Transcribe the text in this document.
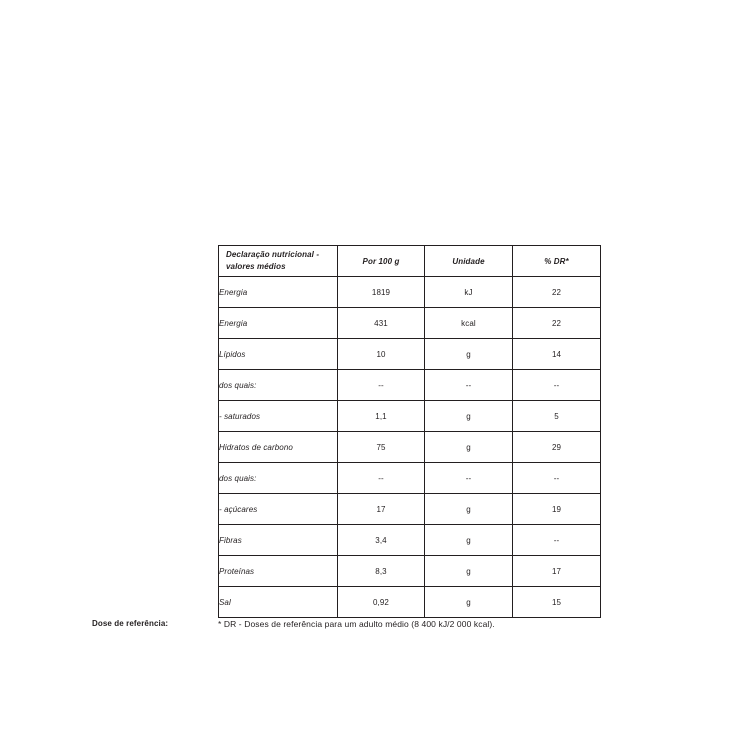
Declaração nutricional - valores médios	Por 100 g	Unidade	% DR*
Energia	1819	kJ	22
Energia	431	kcal	22
Lípidos	10	g	14
dos quais:	--	--	--
- saturados	1,1	g	5
Hidratos de carbono	75	g	29
dos quais:	--	--	--
- açúcares	17	g	19
Fibras	3,4	g	--
Proteínas	8,3	g	17
Sal	0,92	g	15
Dose de referência:	* DR - Doses de referência para um adulto médio (8 400 kJ/2 000 kcal).
